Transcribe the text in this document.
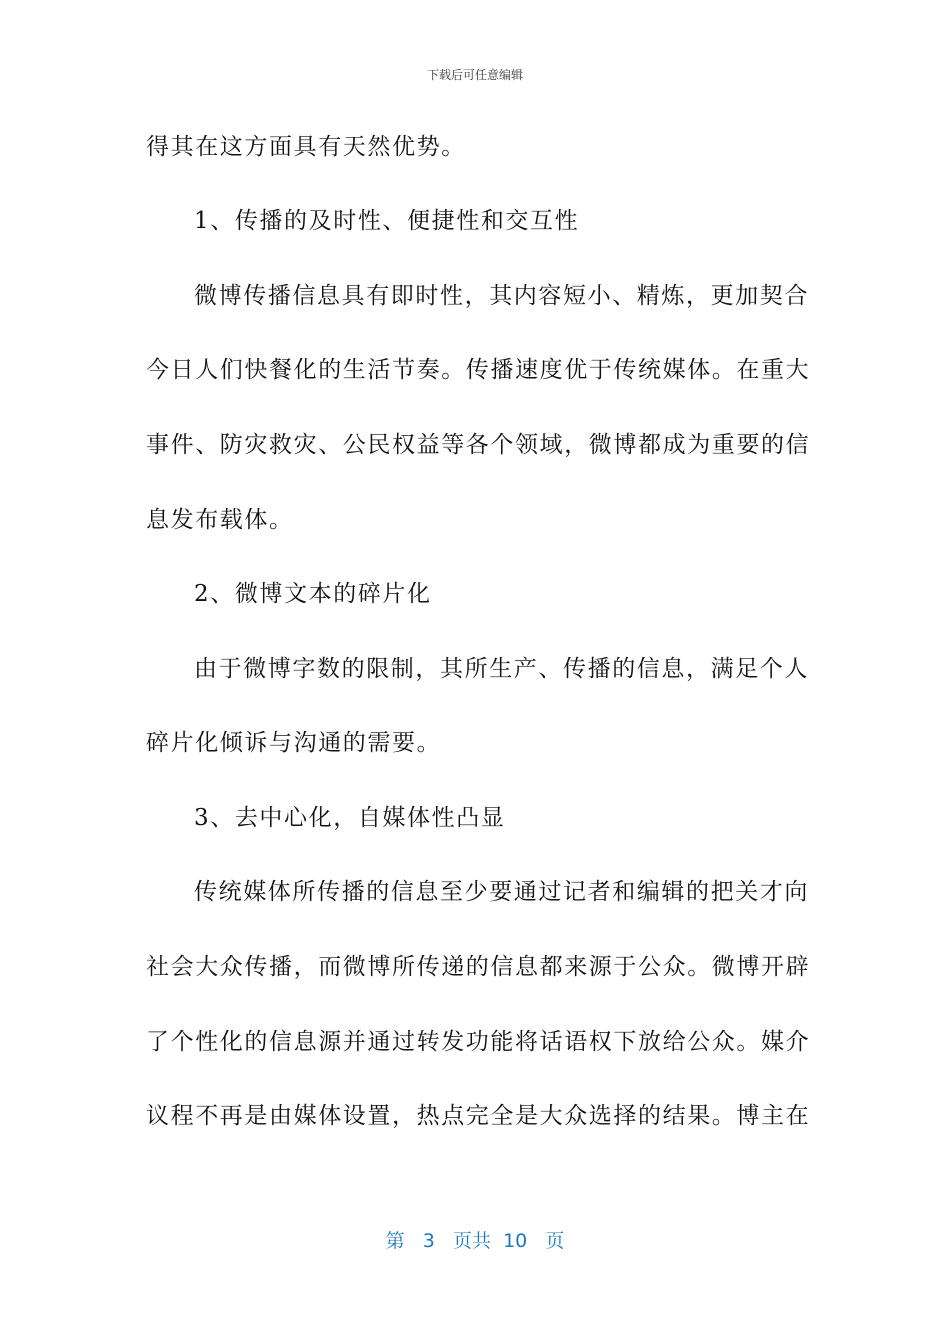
下载后可任意编辑
得其在这方面具有天然优势。
1、传播的及时性、便捷性和交互性
微博传播信息具有即时性，其内容短小、精炼，更加契合
今日人们快餐化的生活节奏。传播速度优于传统媒体。在重大
事件、防灾救灾、公民权益等各个领域，微博都成为重要的信
息发布载体。
2、微博文本的碎片化
由于微博字数的限制，其所生产、传播的信息，满足个人
碎片化倾诉与沟通的需要。
3、去中心化，自媒体性凸显
传统媒体所传播的信息至少要通过记者和编辑的把关才向
社会大众传播，而微博所传递的信息都来源于公众。微博开辟
了个性化的信息源并通过转发功能将话语权下放给公众。媒介
议程不再是由媒体设置，热点完全是大众选择的结果。博主在
第 3 页共 10 页
